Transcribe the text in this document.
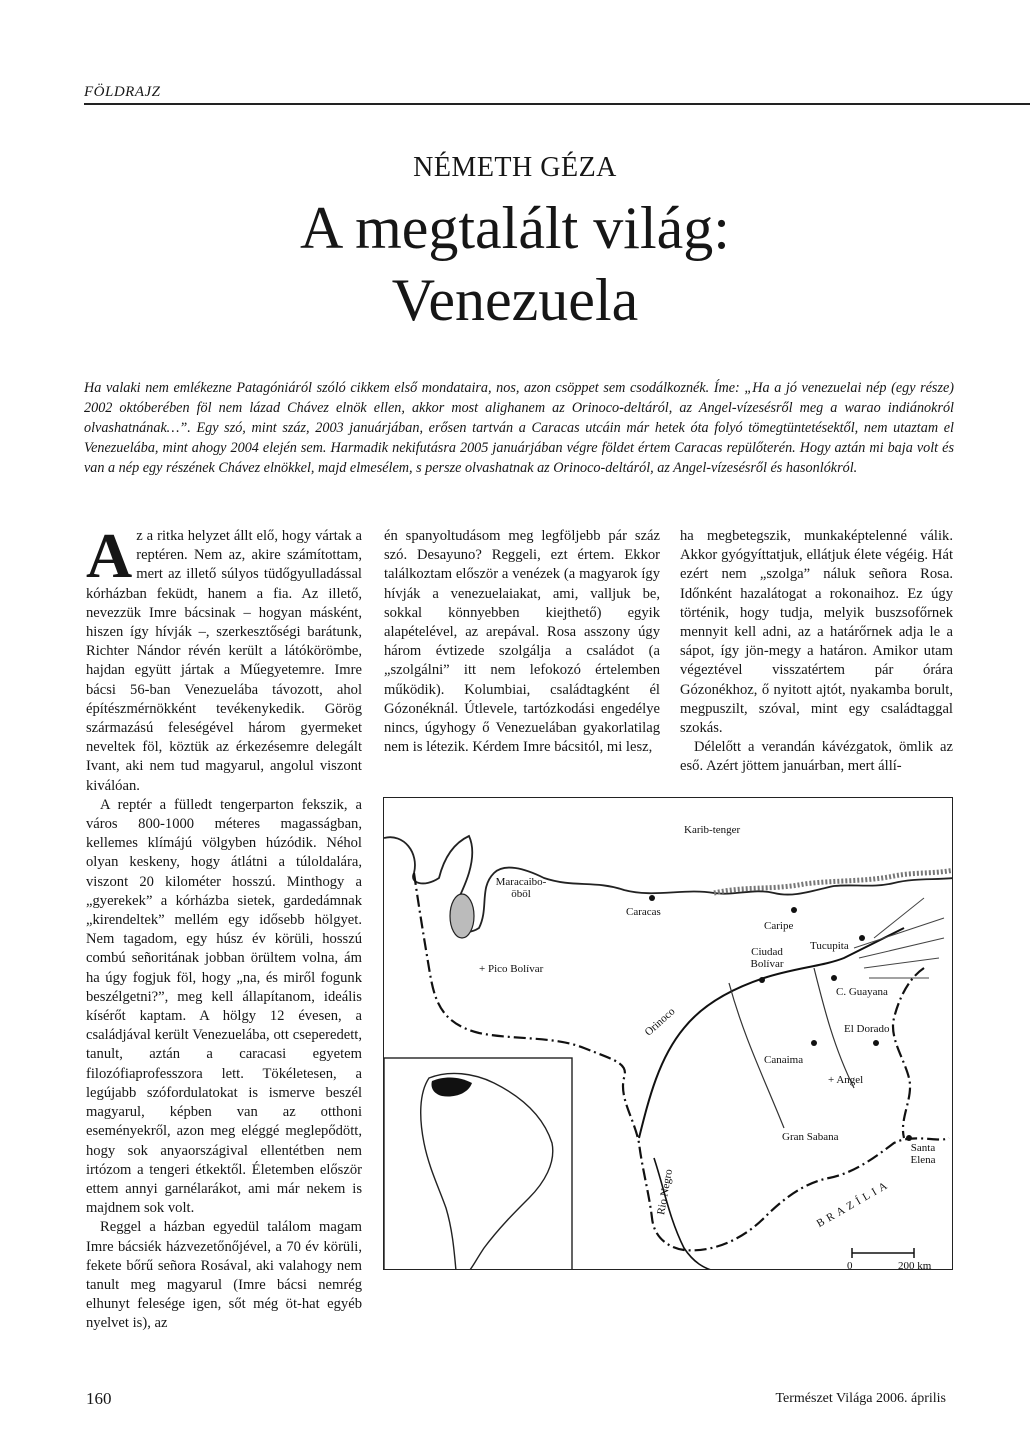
FÖLDRAJZ
NÉMETH GÉZA
A megtalált világ:
Venezuela

Ha valaki nem emlékezne Patagóniáról szóló cikkem első mondataira, nos, azon csöppet sem csodálkoznék. Íme: „Ha a jó venezuelai nép (egy része) 2002 októberében föl nem lázad Chávez elnök ellen, akkor most alighanem az Orinoco-deltáról, az Angel-vízesésről meg a warao indiánokról olvashatnának…”. Egy szó, mint száz, 2003 januárjában, erősen tartván a Caracas utcáin már hetek óta folyó tömegtüntetésektől, nem utaztam el Venezuelába, mint ahogy 2004 elején sem. Harmadik nekifutásra 2005 januárjában végre földet értem Caracas repülőterén. Hogy aztán mi baja volt és van a nép egy részének Chávez elnökkel, majd elmesélem, s persze olvashatnak az Orinoco-deltáról, az Angel-vízesésről és hasonlókról.

Az a ritka helyzet állt elő, hogy vártak a reptéren. Nem az, akire számítottam, mert az illető súlyos tüdőgyulladással kórházban feküdt, hanem a fia. Az illető, nevezzük Imre bácsinak – hogyan másként, hiszen így hívják –, szerkesztőségi barátunk, Richter Nándor révén került a látókörömbe, hajdan együtt jártak a Műegyetemre. Imre bácsi 56-ban Venezuelába távozott, ahol építészmérnökként tevékenykedik. Görög származású feleségével három gyermeket neveltek föl, köztük az érkezésemre delegált Ivant, aki nem tud magyarul, angolul viszont kiválóan.

A reptér a fülledt tengerparton fekszik, a város 800-1000 méteres magasságban, kellemes klímájú völgyben húzódik. Néhol olyan keskeny, hogy átlátni a túloldalára, viszont 20 kilométer hosszú. Minthogy a „gyerekek” a kórházba sietek, gardedámnak „kirendeltek” mellém egy idősebb hölgyet. Nem tagadom, egy húsz év körüli, hosszú combú señoritának jobban örültem volna, ám ha úgy fogjuk föl, hogy „na, és miről fogunk beszélgetni?”, meg kell állapítanom, ideális kísérőt kaptam. A hölgy 12 évesen, a családjával került Venezuelába, ott cseperedett, tanult, aztán a caracasi egyetem filozófiaprofesszora lett. Tökéletesen, a legújabb szófordulatokat is ismerve beszél magyarul, képben van az otthoni eseményekről, azon meg eléggé meglepődött, hogy sok anyaországival ellentétben nem irtózom a tengeri étkektől. Életemben először ettem annyi garnélarákot, ami már nekem is majdnem sok volt.

Reggel a házban egyedül találom magam Imre bácsiék házvezetőnőjével, a 70 év körüli, fekete bőrű señora Rosával, aki valahogy nem tanult meg magyarul (Imre bácsi nemrég elhunyt felesége igen, sőt még öt-hat egyéb nyelvet is), az

én spanyoltudásom meg legföljebb pár száz szó. Desayuno? Reggeli, ezt értem. Ekkor találkoztam először a venézek (a magyarok így hívják a venezuelaiakat, ami, valljuk be, sokkal könnyebben kiejthető) egyik alapételével, az arepával. Rosa asszony úgy három évtizede szolgálja a családot (a „szolgálni” itt nem lefokozó értelemben működik). Kolumbiai, családtagként él Gózonéknál. Útlevele, tartózkodási engedélye nincs, úgyhogy ő Venezuelában gyakorlatilag nem is létezik. Kérdem Imre bácsitól, mi lesz,

ha megbetegszik, munkaképtelenné válik. Akkor gyógyíttatjuk, ellátjuk élete végéig. Hát ezért nem „szolga” náluk señora Rosa. Időnként hazalátogat a rokonaihoz. Ez úgy történik, hogy tudja, melyik buszsofőrnek mennyit kell adni, az a határőrnek adja le a sápot, így jön-megy a határon. Amikor utam végeztével visszatértem pár órára Gózonékhoz, ő nyitott ajtót, nyakamba borult, megpuszilt, szóval, mint egy családtaggal szokás.

Délelőtt a verandán kávézgatok, ömlik az eső. Azért jöttem januárban, mert állí-

Karib-tenger
Maracaibo-öböl
Caracas
Caripe
Tucupita
Ciudad Bolívar
+ Pico Bolívar
Orinoco
C. Guayana
El Dorado
Canaima
+ Angel
Gran Sabana
Santa Elena
BRAZÍLIA
Rio Negro
0	200 km
160	Természet Világa 2006. április
